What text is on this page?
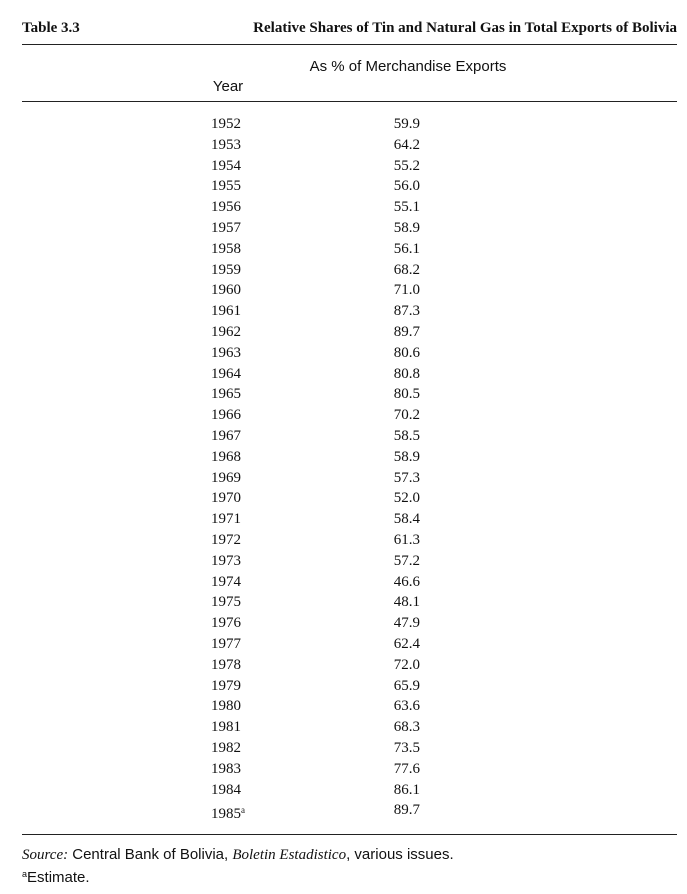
Table 3.3	Relative Shares of Tin and Natural Gas in Total Exports of Bolivia
Year
As % of Merchandise Exports
1952	59.9
1953	64.2
1954	55.2
1955	56.0
1956	55.1
1957	58.9
1958	56.1
1959	68.2
1960	71.0
1961	87.3
1962	89.7
1963	80.6
1964	80.8
1965	80.5
1966	70.2
1967	58.5
1968	58.9
1969	57.3
1970	52.0
1971	58.4
1972	61.3
1973	57.2
1974	46.6
1975	48.1
1976	47.9
1977	62.4
1978	72.0
1979	65.9
1980	63.6
1981	68.3
1982	73.5
1983	77.6
1984	86.1
1985$^a$	89.7
Source: Central Bank of Bolivia, Boletin Estadistico, various issues.
$^a$Estimate.
